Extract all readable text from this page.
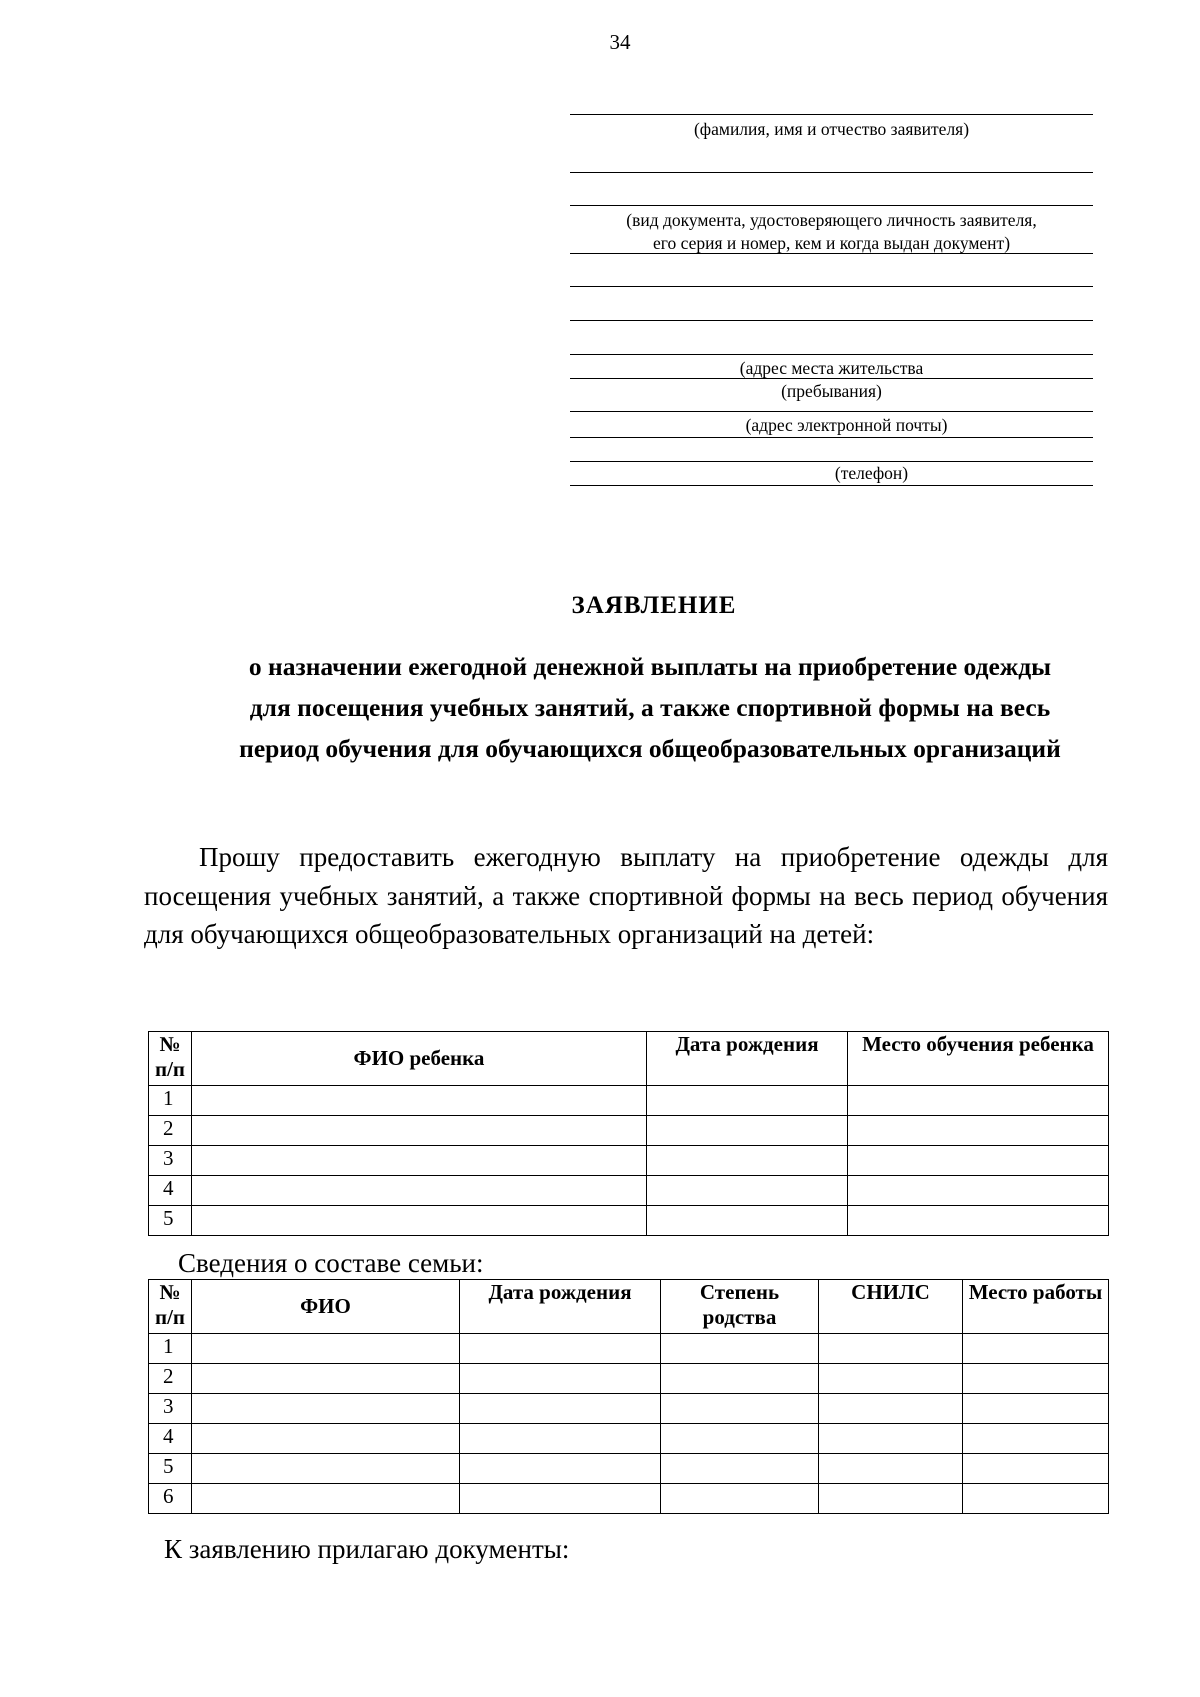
34
(фамилия, имя и отчество заявителя)
(вид документа, удостоверяющего личность заявителя,
его серия и номер, кем и когда выдан документ)
(адрес места жительства (пребывания)
(адрес электронной почты)
(телефон)
ЗАЯВЛЕНИЕ
о назначении ежегодной денежной выплаты на приобретение одежды
для посещения учебных занятий, а также спортивной формы на весь
период обучения для обучающихся общеобразовательных организаций
Прошу предоставить ежегодную выплату на приобретение одежды для посещения учебных занятий, а также спортивной формы на весь период обучения для обучающихся общеобразовательных организаций на детей:
№ п/п	ФИО ребенка	Дата рождения	Место обучения ребенка
1			
2			
3			
4			
5			
Сведения о составе семьи:
№ п/п	ФИО	Дата рождения	Степень родства	СНИЛС	Место работы
1					
2					
3					
4					
5					
6					
К заявлению прилагаю документы:
